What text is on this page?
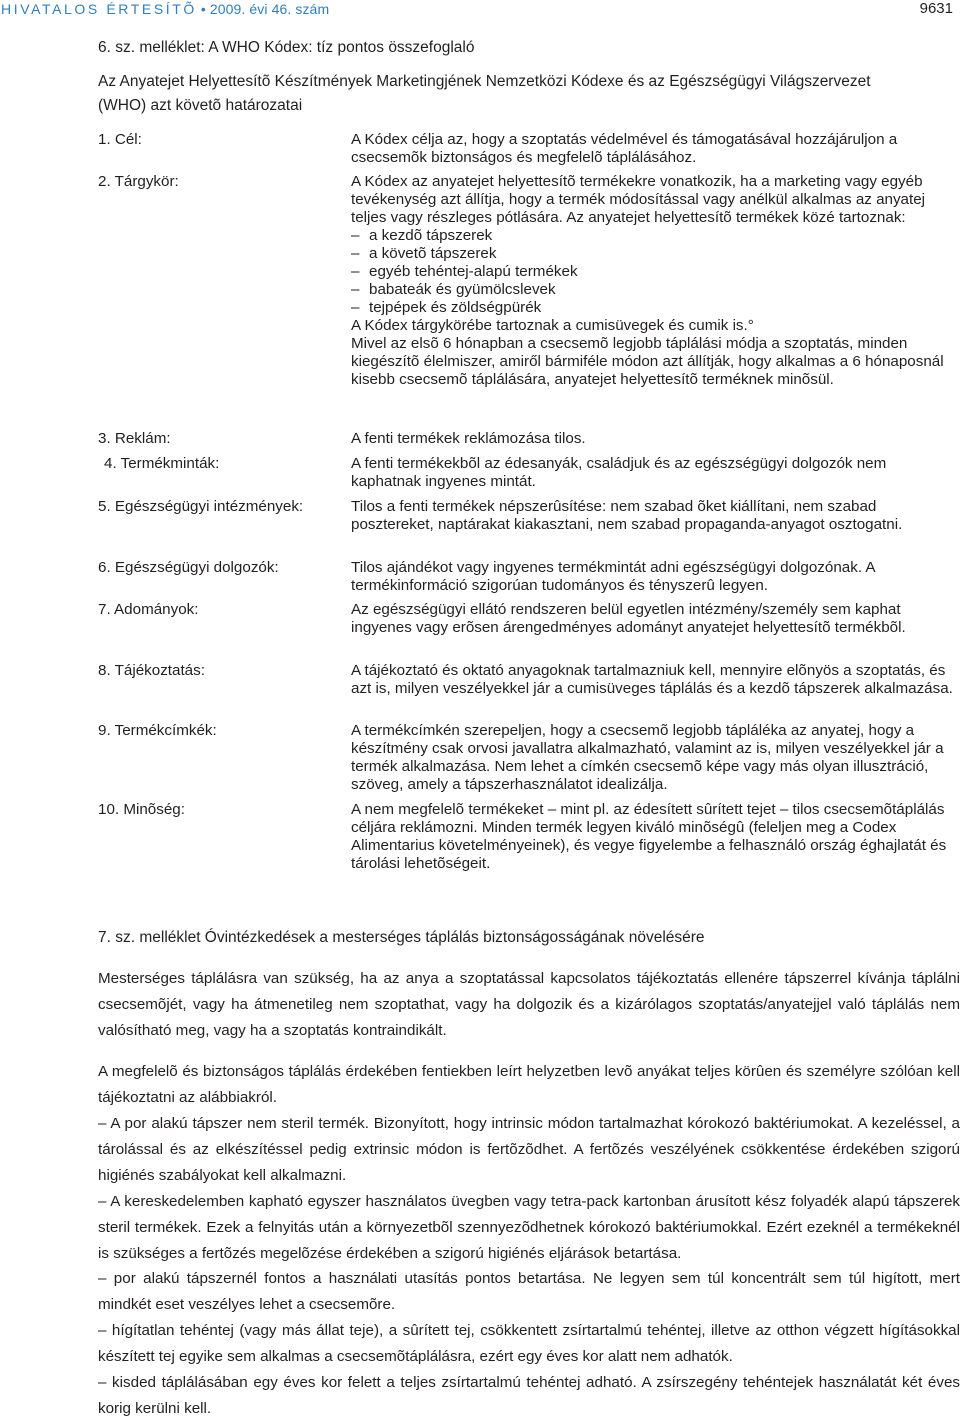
HIVATALOS ÉRTESÍTÕ • 2009. évi 46. szám	9631
6. sz. melléklet: A WHO Kódex: tíz pontos összefoglaló
Az Anyatejet Helyettesítõ Készítmények Marketingjének Nemzetközi Kódexe és az Egészségügyi Világszervezet
(WHO) azt követõ határozatai
1. Cél:	A Kódex célja az, hogy a szoptatás védelmével és támogatásával hozzájáruljon a csecsemõk biztonságos és megfelelõ táplálásához.
2. Tárgykör:	A Kódex az anyatejet helyettesítõ termékekre vonatkozik, ha a marketing vagy egyéb tevékenység azt állítja, hogy a termék módosítással vagy anélkül alkalmas az anyatej teljes vagy részleges pótlására. Az anyatejet helyettesítõ termékek közé tartoznak:

– a kezdõ tápszerek
– a követõ tápszerek
– egyéb tehéntej-alapú termékek
– babateák és gyümölcslevek
– tejpépek és zöldségpürék

A Kódex tárgykörébe tartoznak a cumisüvegek és cumik is.°

Mivel az elsõ 6 hónapban a csecsemõ legjobb táplálási módja a szoptatás, minden kiegészítõ élelmiszer, amiről bármiféle módon azt állítják, hogy alkalmas a 6 hónaposnál kisebb csecsemõ táplálására, anyatejet helyettesítõ terméknek minõsül.

3. Reklám:	A fenti termékek reklámozása tilos.
4. Termékminták:	A fenti termékekbõl az édesanyák, családjuk és az egészségügyi dolgozók nem kaphatnak ingyenes mintát.
5. Egészségügyi intézmények:	Tilos a fenti termékek népszerûsítése: nem szabad õket kiállítani, nem szabad posztereket, naptárakat kiakasztani, nem szabad propaganda-anyagot osztogatni.
6. Egészségügyi dolgozók:	Tilos ajándékot vagy ingyenes termékmintát adni egészségügyi dolgozónak. A termékinformáció szigorúan tudományos és tényszerû legyen.
7. Adományok:	Az egészségügyi ellátó rendszeren belül egyetlen intézmény/személy sem kaphat ingyenes vagy erõsen árengedményes adományt anyatejet helyettesítõ termékbõl.
8. Tájékoztatás:	A tájékoztató és oktató anyagoknak tartalmazniuk kell, mennyire elõnyös a szoptatás, és azt is, milyen veszélyekkel jár a cumisüveges táplálás és a kezdõ tápszerek alkalmazása.
9. Termékcímkék:	A termékcímkén szerepeljen, hogy a csecsemõ legjobb tápláléka az anyatej, hogy a készítmény csak orvosi javallatra alkalmazható, valamint az is, milyen veszélyekkel jár a termék alkalmazása. Nem lehet a címkén csecsemõ képe vagy más olyan illusztráció, szöveg, amely a tápszerhasználatot idealizálja.
10. Minõség:	A nem megfelelõ termékeket – mint pl. az édesített sûrített tejet – tilos csecsemõtáplálás céljára reklámozni. Minden termék legyen kiváló minõségû (feleljen meg a Codex Alimentarius követelményeinek), és vegye figyelembe a felhasználó ország éghajlatát és tárolási lehetõségeit.
7. sz. melléklet Óvintézkedések a mesterséges táplálás biztonságosságának növelésére
Mesterséges táplálásra van szükség, ha az anya a szoptatással kapcsolatos tájékoztatás ellenére tápszerrel kívánja táplálni csecsemõjét, vagy ha átmenetileg nem szoptathat, vagy ha dolgozik és a kizárólagos szoptatás/anyatejjel való táplálás nem valósítható meg, vagy ha a szoptatás kontraindikált.
A megfelelõ és biztonságos táplálás érdekében fentiekben leírt helyzetben levõ anyákat teljes körûen és személyre szólóan kell tájékoztatni az alábbiakról.
– A por alakú tápszer nem steril termék. Bizonyított, hogy intrinsic módon tartalmazhat kórokozó baktériumokat. A kezeléssel, a tárolással és az elkészítéssel pedig extrinsic módon is fertõzõdhet. A fertõzés veszélyének csökkentése érdekében szigorú higiénés szabályokat kell alkalmazni.
– A kereskedelemben kapható egyszer használatos üvegben vagy tetra-pack kartonban árusított kész folyadék alapú tápszerek steril termékek. Ezek a felnyitás után a környezetbõl szennyezõdhetnek kórokozó baktériumokkal. Ezért ezeknél a termékeknél is szükséges a fertõzés megelõzése érdekében a szigorú higiénés eljárások betartása.
– por alakú tápszernél fontos a használati utasítás pontos betartása. Ne legyen sem túl koncentrált sem túl higított, mert mindkét eset veszélyes lehet a csecsemõre.
– hígítatlan tehéntej (vagy más állat teje), a sûrített tej, csökkentett zsírtartalmú tehéntej, illetve az otthon végzett hígításokkal készített tej egyike sem alkalmas a csecsemõtáplálásra, ezért egy éves kor alatt nem adhatók.
– kisded táplálásában egy éves kor felett a teljes zsírtartalmú tehéntej adható. A zsírszegény tehéntejek használatát két éves korig kerülni kell.
